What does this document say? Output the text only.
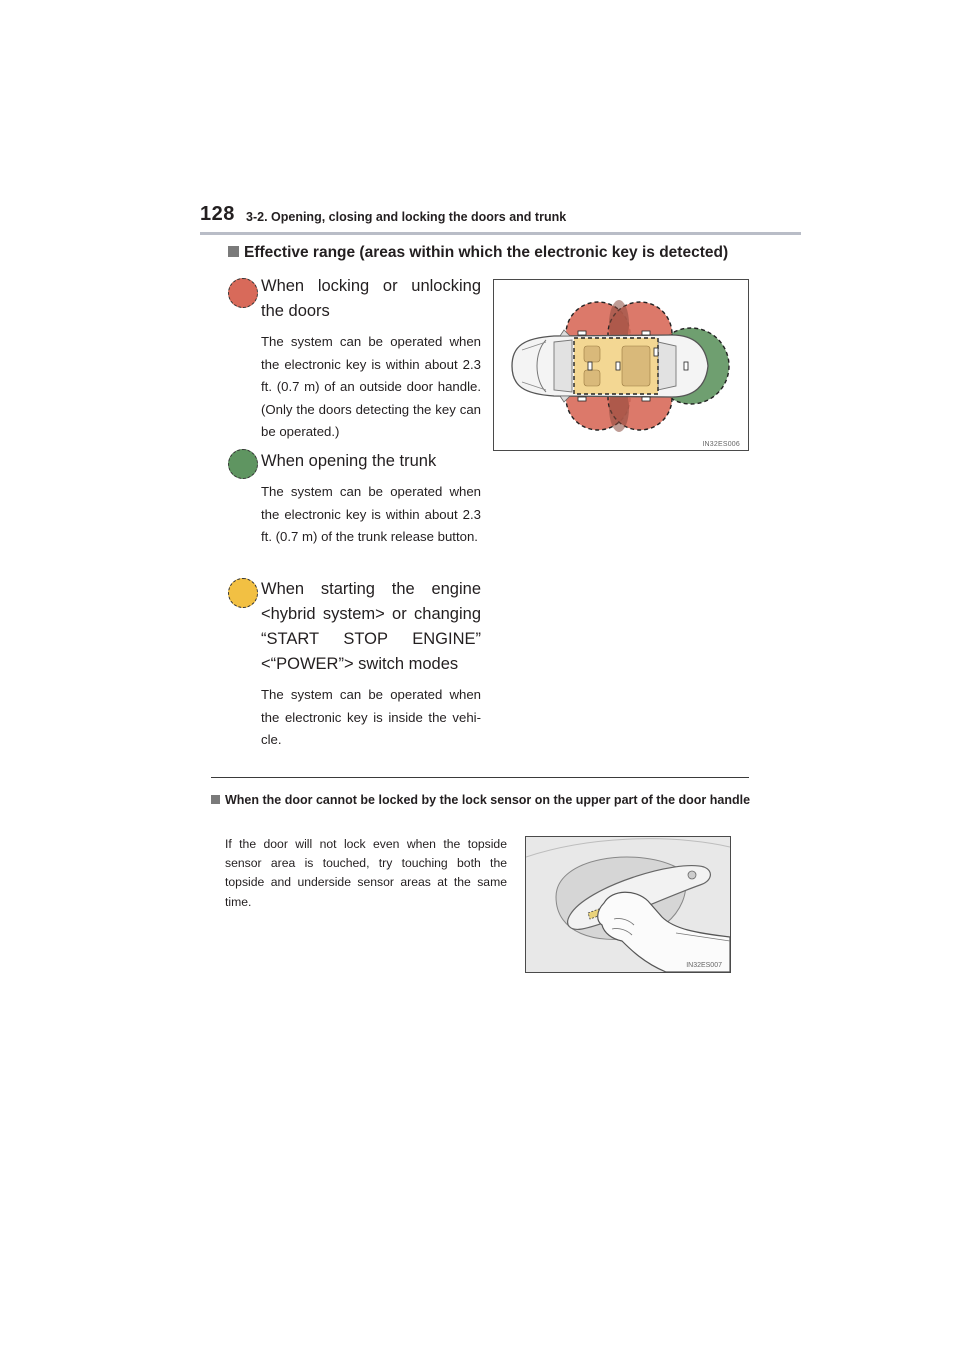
128 3-2. Opening, closing and locking the doors and trunk
Effective range (areas within which the electronic key is detected)
When locking or unlocking the doors
The system can be operated when the electronic key is within about 2.3 ft. (0.7 m) of an outside door handle. (Only the doors detecting the key can be operated.)
When opening the trunk
The system can be operated when the electronic key is within about 2.3 ft. (0.7 m) of the trunk release button.
When starting the engine <hybrid system> or changing “START STOP ENGINE” <“POWER”> switch modes
The system can be operated when the electronic key is inside the vehi-cle.
IN32ES006
When the door cannot be locked by the lock sensor on the upper part of the door handle
If the door will not lock even when the topside sensor area is touched, try touching both the topside and underside sensor areas at the same time.
IN32ES007
